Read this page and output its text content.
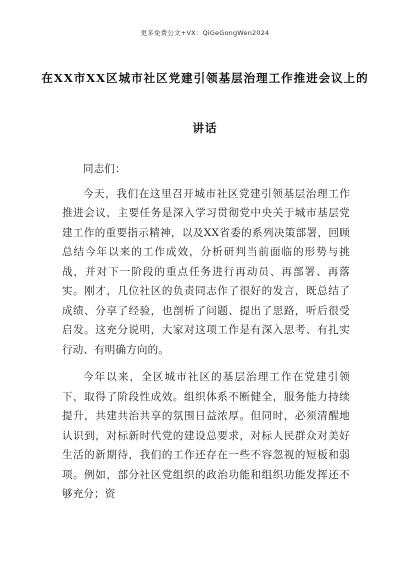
更多免费公文+VX：QiGeGongWen2024
在XX市XX区城市社区党建引领基层治理工作推进会议上的
讲话

同志们：

今天，我们在这里召开城市社区党建引领基层治理工作推进会议，主要任务是深入学习贯彻党中央关于城市基层党建工作的重要指示精神，以及XX省委的系列决策部署，回顾总结今年以来的工作成效，分析研判当前面临的形势与挑战，并对下一阶段的重点任务进行再动员、再部署、再落实。刚才，几位社区的负责同志作了很好的发言，既总结了成绩、分享了经验，也剖析了问题、提出了思路，听后很受启发。这充分说明，大家对这项工作是有深入思考、有扎实行动、有明确方向的。

今年以来，全区城市社区的基层治理工作在党建引领下，取得了阶段性成效。组织体系不断健全，服务能力持续提升，共建共治共享的氛围日益浓厚。但同时，必须清醒地认识到，对标新时代党的建设总要求，对标人民群众对美好生活的新期待，我们的工作还存在一些不容忽视的短板和弱项。例如，部分社区党组织的政治功能和组织功能发挥还不够充分；资
